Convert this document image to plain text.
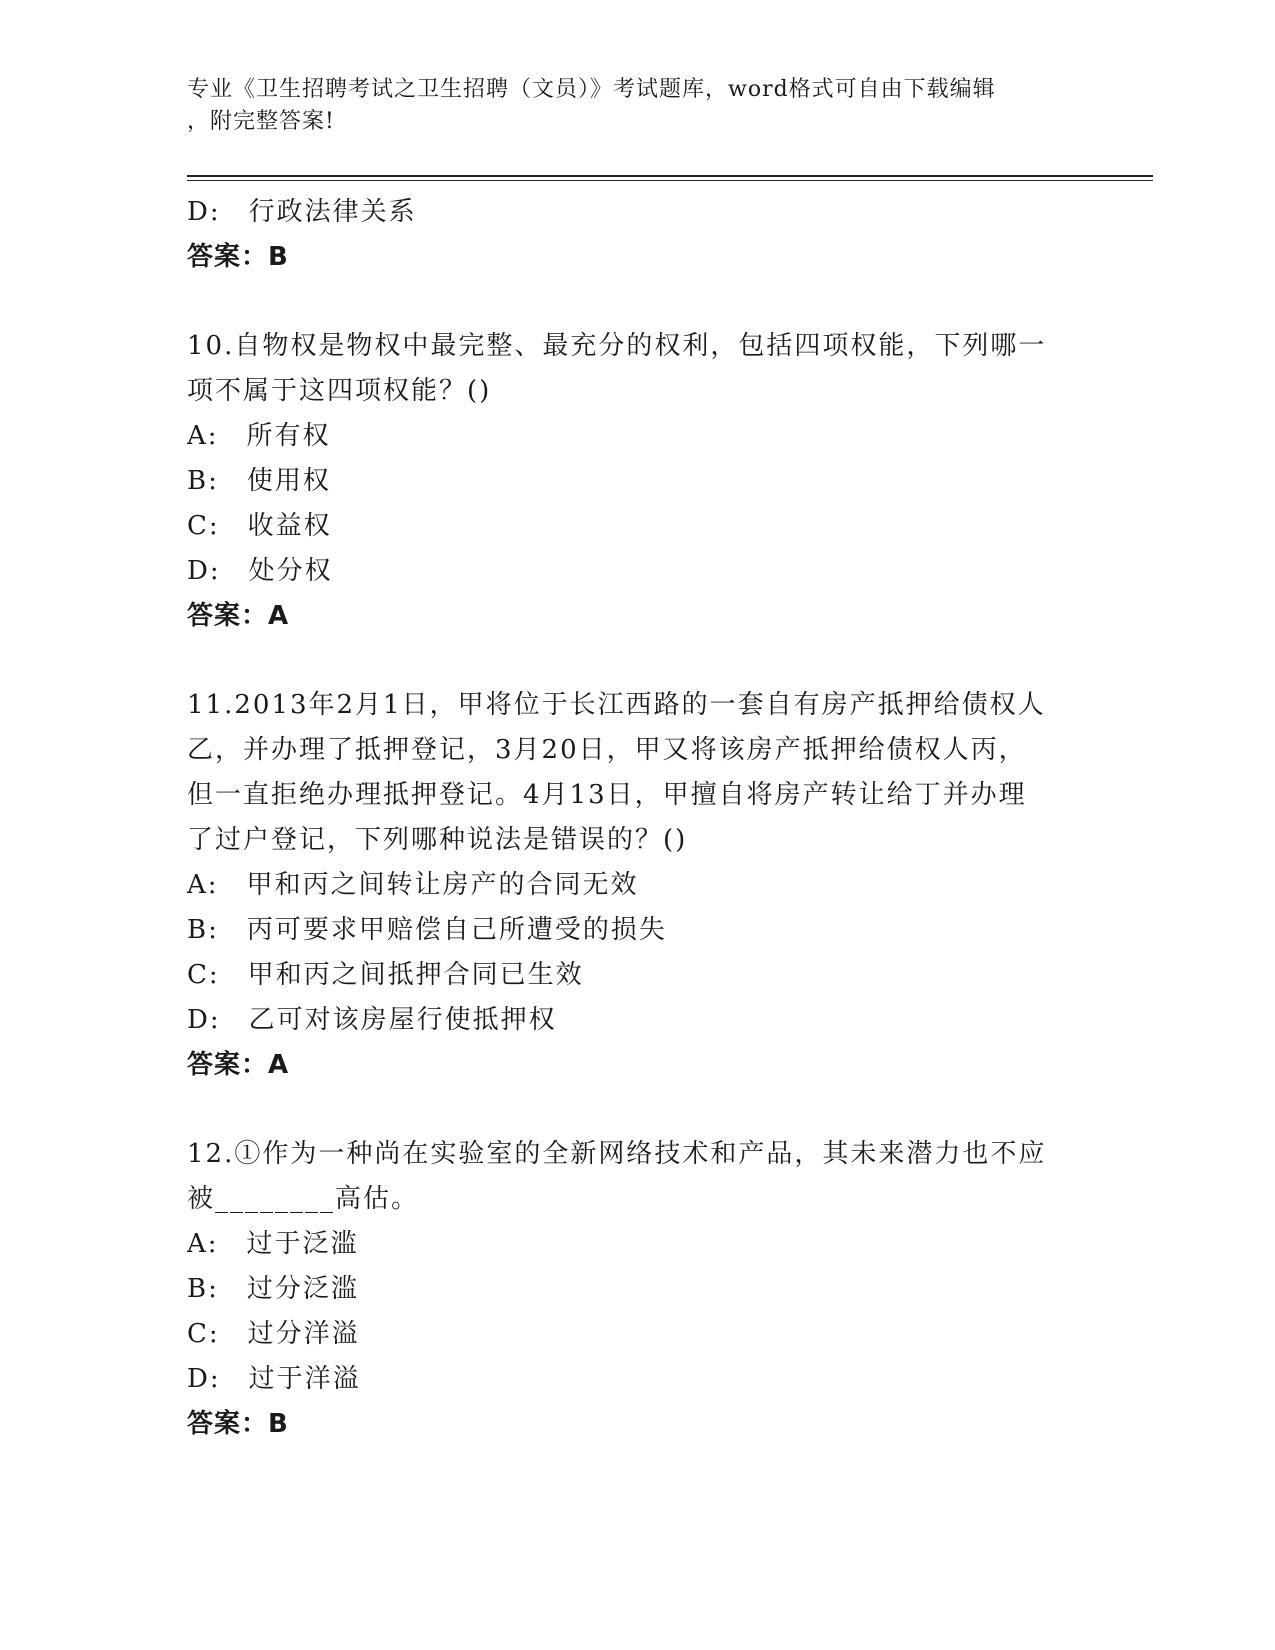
专业《卫生招聘考试之卫生招聘（文员）》考试题库，word格式可自由下载编辑
，附完整答案!
D:　行政法律关系
答案：B
10.自物权是物权中最完整、最充分的权利，包括四项权能，下列哪一
项不属于这四项权能？()
A:　所有权
B:　使用权
C:　收益权
D:　处分权
答案：A
11.2013年2月1日，甲将位于长江西路的一套自有房产抵押给债权人
乙，并办理了抵押登记，3月20日，甲又将该房产抵押给债权人丙，
但一直拒绝办理抵押登记。4月13日，甲擅自将房产转让给丁并办理
了过户登记，下列哪种说法是错误的？()
A:　甲和丙之间转让房产的合同无效
B:　丙可要求甲赔偿自己所遭受的损失
C:　甲和丙之间抵押合同已生效
D:　乙可对该房屋行使抵押权
答案：A
12.①作为一种尚在实验室的全新网络技术和产品，其未来潜力也不应
被________高估。
A:　过于泛滥
B:　过分泛滥
C:　过分洋溢
D:　过于洋溢
答案：B
